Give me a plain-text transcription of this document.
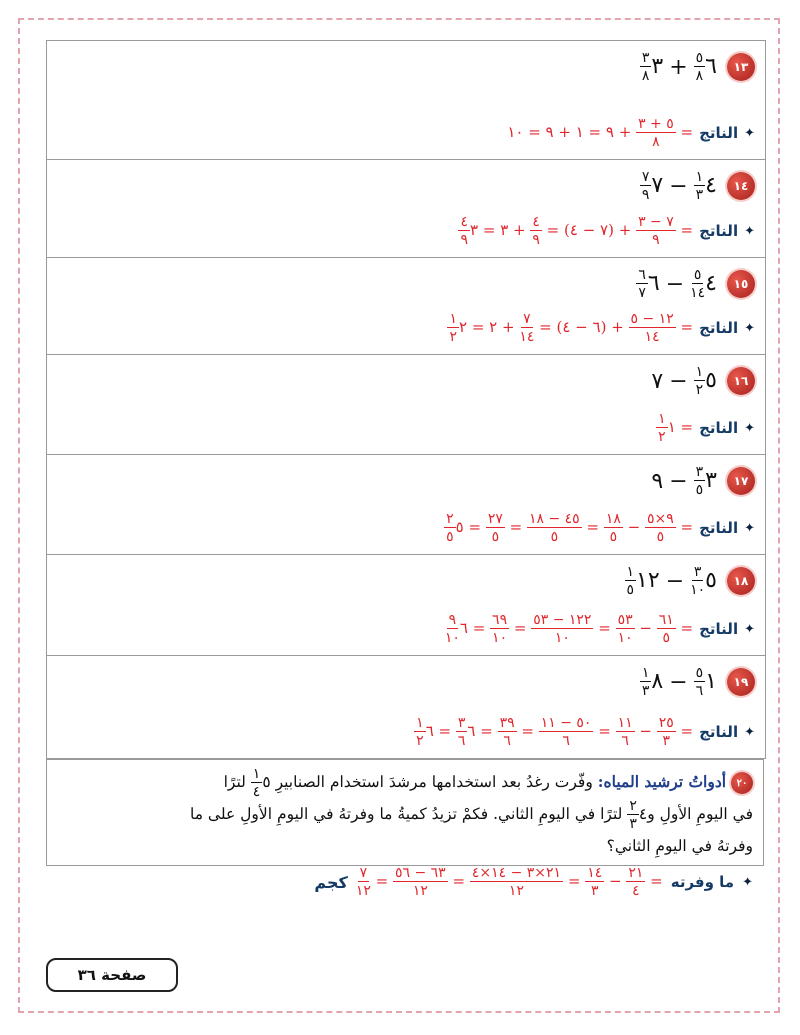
١٣
٦
$\frac{٥}{٨}$
+
٣
$\frac{٣}{٨}$
✦
الناتج
=
$\frac{٥ + ٣}{٨}$
+ ٩ = ١ + ٩ = ١٠
١٤
٤
$\frac{١}{٣}$
−
٧
$\frac{٧}{٩}$
✦
الناتج
=
$\frac{٧ - ٣}{٩}$
+ (٧ − ٤) =
$\frac{٤}{٩}$
+ ٣ = ٣
$\frac{٤}{٩}$
١٥
٤
$\frac{٥}{١٤}$
−
٦
$\frac{٦}{٧}$
✦
الناتج
=
$\frac{١٢ - ٥}{١٤}$
+ (٦ − ٤) =
$\frac{٧}{١٤}$
+ ٢ = ٢
$\frac{١}{٢}$
١٦
٥
$\frac{١}{٢}$
−
٧
✦
الناتج
= ١
$\frac{١}{٢}$
١٧
٣
$\frac{٣}{٥}$
−
٩
✦
الناتج
=
$\frac{٩\times ٥}{٥}$
−
$\frac{١٨}{٥}$
=
$\frac{٤٥ - ١٨}{٥}$
=
$\frac{٢٧}{٥}$
= ٥
$\frac{٢}{٥}$
١٨
٥
$\frac{٣}{١٠}$
−
١٢
$\frac{١}{٥}$
✦
الناتج
=
$\frac{٦١}{٥}$
−
$\frac{٥٣}{١٠}$
=
$\frac{١٢٢ - ٥٣}{١٠}$
=
$\frac{٦٩}{١٠}$
= ٦
$\frac{٩}{١٠}$
١٩
١
$\frac{٥}{٦}$
−
٨
$\frac{١}{٣}$
✦
الناتج
=
$\frac{٢٥}{٣}$
−
$\frac{١١}{٦}$
=
$\frac{٥٠ - ١١}{٦}$
=
$\frac{٣٩}{٦}$
= ٦
$\frac{٣}{٦}$
= ٦
$\frac{١}{٢}$
٢٠ أدواتُ ترشيد المياه: وفّرت رغدُ بعد استخدامها مرشدَ استخدام الصنابيرِ ٥
$\frac{١}{٤}$
لترًا
في اليومِ الأولِ و٤
$\frac{٢}{٣}$
لترًا في اليومِ الثاني. فكمْ تزيدُ كميةُ ما وفرتهُ في اليومِ الأولِ على ما
وفرتهُ في اليومِ الثاني؟
✦
ما وفرته
=
$\frac{٢١}{٤}$
−
$\frac{١٤}{٣}$
=
$\frac{٢١\times ٣ - ١٤\times ٤}{١٢}$
=
$\frac{٦٣ - ٥٦}{١٢}$
=
$\frac{٧}{١٢}$
كجم
صفحة ٣٦
